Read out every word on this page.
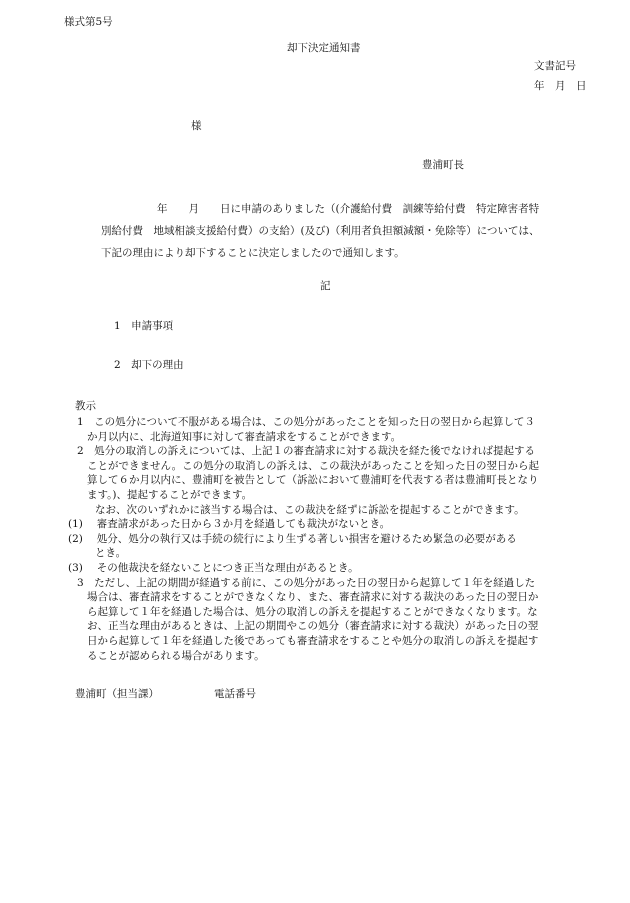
様式第5号
却下決定通知書
文書記号
年　月　日
様
豊浦町長
年　　月　　日に申請のありました（(介護給付費　訓練等給付費　特定障害者特
別給付費　地域相談支援給付費）の支給）(及び)（利用者負担額減額・免除等）については、
下記の理由により却下することに決定しましたので通知します。
記
1　申請事項
2　却下の理由
教示
1　この処分について不服がある場合は、この処分があったことを知った日の翌日から起算して３
か月以内に、北海道知事に対して審査請求をすることができます。
2　処分の取消しの訴えについては、上記１の審査請求に対する裁決を経た後でなければ提起する
ことができません。この処分の取消しの訴えは、この裁決があったことを知った日の翌日から起
算して６か月以内に、豊浦町を被告として（訴訟において豊浦町を代表する者は豊浦町長となり
ます。)、提起することができます。
なお、次のいずれかに該当する場合は、この裁決を経ずに訴訟を提起することができます。
(1)　 審査請求があった日から３か月を経過しても裁決がないとき。
(2)　 処分、処分の執行又は手続の続行により生ずる著しい損害を避けるため緊急の必要がある
とき。
(3)　 その他裁決を経ないことにつき正当な理由があるとき。
3　ただし、上記の期間が経過する前に、この処分があった日の翌日から起算して１年を経過した
場合は、審査請求をすることができなくなり、また、審査請求に対する裁決のあった日の翌日か
ら起算して１年を経過した場合は、処分の取消しの訴えを提起することができなくなります。な
お、正当な理由があるときは、上記の期間やこの処分（審査請求に対する裁決）があった日の翌
日から起算して１年を経過した後であっても審査請求をすることや処分の取消しの訴えを提起す
ることが認められる場合があります。
豊浦町（担当課）	電話番号
